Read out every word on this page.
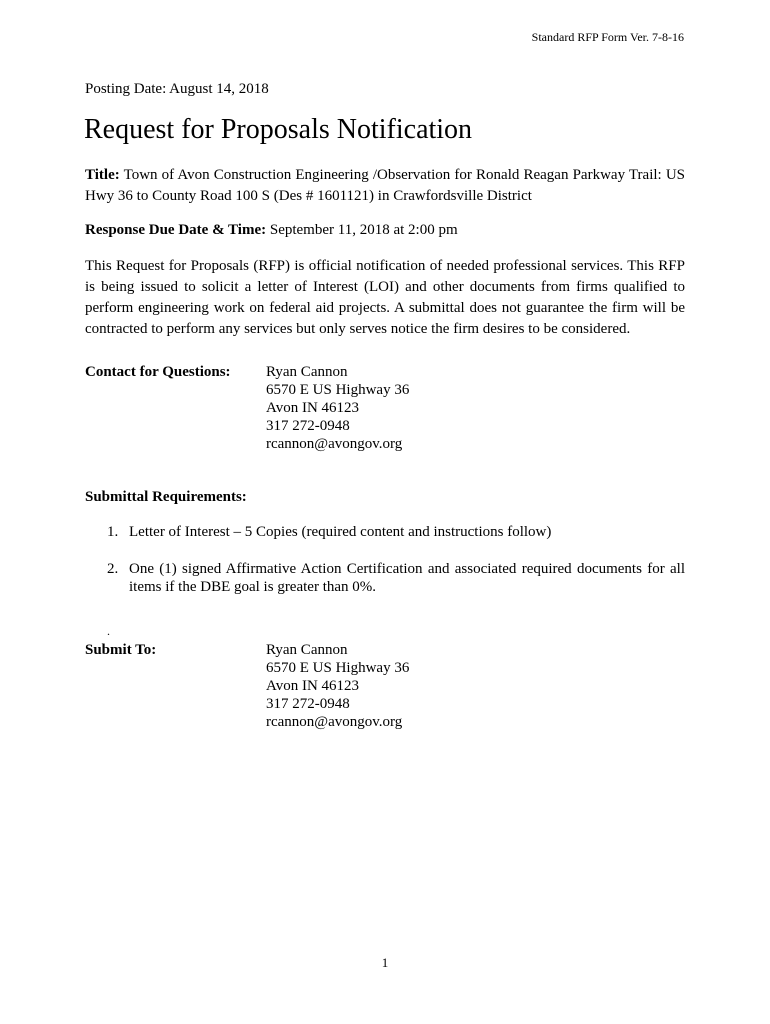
Standard RFP Form Ver. 7-8-16
Posting Date: August 14, 2018
Request for Proposals Notification
Title: Town of Avon Construction Engineering /Observation for Ronald Reagan Parkway Trail: US Hwy 36 to County Road 100 S (Des # 1601121) in Crawfordsville District
Response Due Date & Time: September 11, 2018 at 2:00 pm
This Request for Proposals (RFP) is official notification of needed professional services. This RFP is being issued to solicit a letter of Interest (LOI) and other documents from firms qualified to perform engineering work on federal aid projects. A submittal does not guarantee the firm will be contracted to perform any services but only serves notice the firm desires to be considered.
Contact for Questions: Ryan Cannon
6570 E US Highway 36
Avon IN 46123
317 272-0948
rcannon@avongov.org
Submittal Requirements:
1. Letter of Interest – 5 Copies (required content and instructions follow)
2. One (1) signed Affirmative Action Certification and associated required documents for all items if the DBE goal is greater than 0%.
.
Submit To:	Ryan Cannon
6570 E US Highway 36
Avon IN 46123
317 272-0948
rcannon@avongov.org
1
